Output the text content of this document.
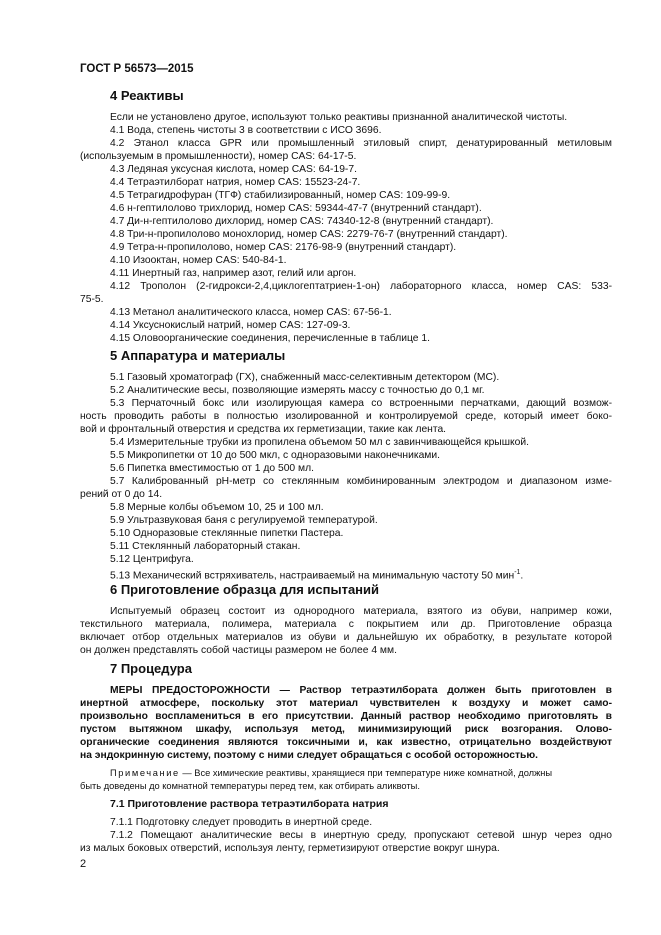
ГОСТ Р 56573—2015
4 Реактивы
Если не установлено другое, используют только реактивы признанной аналитической чистоты.
4.1 Вода, степень чистоты 3 в соответствии с ИСО 3696.
4.2 Этанол класса GPR или промышленный этиловый спирт, денатурированный метиловым
(используемым в промышленности), номер CAS: 64-17-5.
4.3 Ледяная уксусная кислота, номер CAS: 64-19-7.
4.4 Тетраэтилборат натрия, номер CAS: 15523-24-7.
4.5 Тетрагидрофуран (ТГФ) стабилизированный, номер CAS: 109-99-9.
4.6 н-гептилолово трихлорид, номер CAS: 59344-47-7 (внутренний стандарт).
4.7 Ди-н-гептилолово дихлорид, номер CAS: 74340-12-8 (внутренний стандарт).
4.8 Три-н-пропилолово монохлорид, номер CAS: 2279-76-7 (внутренний стандарт).
4.9 Тетра-н-пропилолово, номер CAS: 2176-98-9 (внутренний стандарт).
4.10 Изооктан, номер CAS: 540-84-1.
4.11 Инертный газ, например азот, гелий или аргон.
4.12 Трополон (2-гидрокси-2,4,циклогептатриен-1-он) лабораторного класса, номер CAS: 533-
75-5.
4.13 Метанол аналитического класса, номер CAS: 67-56-1.
4.14 Уксуснокислый натрий, номер CAS: 127-09-3.
4.15 Оловоорганические соединения, перечисленные в таблице 1.
5 Аппаратура и материалы
5.1 Газовый хроматограф (ГХ), снабженный масс-селективным детектором (МС).
5.2 Аналитические весы, позволяющие измерять массу с точностью до 0,1 мг.
5.3 Перчаточный бокс или изолирующая камера со встроенными перчатками, дающий возмож-
ность проводить работы в полностью изолированной и контролируемой среде, который имеет боко-
вой и фронтальный отверстия и средства их герметизации, такие как лента.
5.4 Измерительные трубки из пропилена объемом 50 мл с завинчивающейся крышкой.
5.5 Микропипетки от 10 до 500 мкл, с одноразовыми наконечниками.
5.6 Пипетка вместимостью от 1 до 500 мл.
5.7 Калиброванный pH-метр со стеклянным комбинированным электродом и диапазоном изме-
рений от 0 до 14.
5.8 Мерные колбы объемом 10, 25 и 100 мл.
5.9 Ультразвуковая баня с регулируемой температурой.
5.10 Одноразовые стеклянные пипетки Пастера.
5.11 Стеклянный лабораторный стакан.
5.12 Центрифуга.
5.13 Механический встряхиватель, настраиваемый на минимальную частоту 50 мин$^{-1}$.
6 Приготовление образца для испытаний
Испытуемый образец состоит из однородного материала, взятого из обуви, например кожи,
текстильного материала, полимера, материала с покрытием или др. Приготовление образца
включает отбор отдельных материалов из обуви и дальнейшую их обработку, в результате которой
он должен представлять собой частицы размером не более 4 мм.
7 Процедура
МЕРЫ ПРЕДОСТОРОЖНОСТИ — Раствор тетраэтилбората должен быть приготовлен в
инертной атмосфере, поскольку этот материал чувствителен к воздуху и может само-
произвольно воспламениться в его присутствии. Данный раствор необходимо приготовлять в
пустом вытяжном шкафу, используя метод, минимизирующий риск возгорания. Олово-
органические соединения являются токсичными и, как известно, отрицательно воздействуют
на эндокринную систему, поэтому с ними следует обращаться с особой осторожностью.
Примечание — Все химические реактивы, хранящиеся при температуре ниже комнатной, должны
быть доведены до комнатной температуры перед тем, как отбирать аликвоты.
7.1 Приготовление раствора тетраэтилбората натрия
7.1.1 Подготовку следует проводить в инертной среде.
7.1.2 Помещают аналитические весы в инертную среду, пропускают сетевой шнур через одно
из малых боковых отверстий, используя ленту, герметизируют отверстие вокруг шнура.
2
